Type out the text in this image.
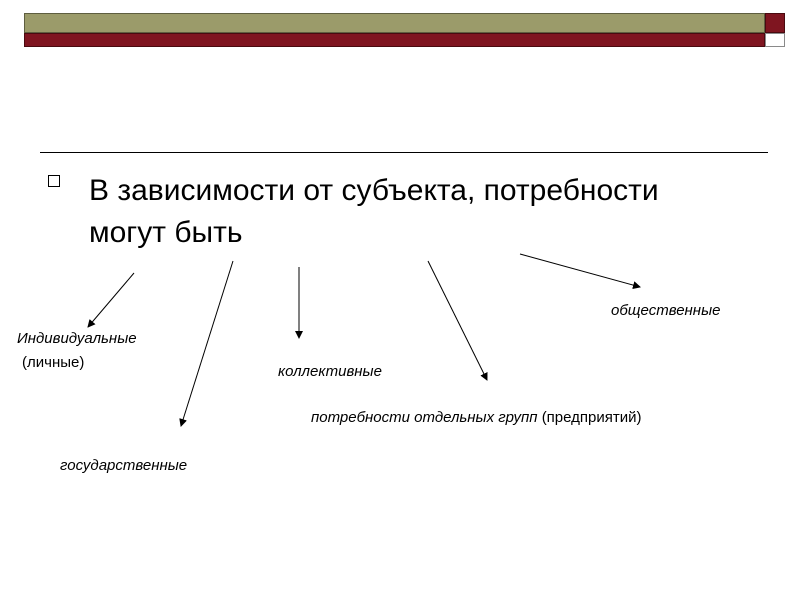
В зависимости от субъекта, потребности
могут быть
Индивидуальные
(личные)
государственные
коллективные
потребности отдельных групп (предприятий)
общественные
